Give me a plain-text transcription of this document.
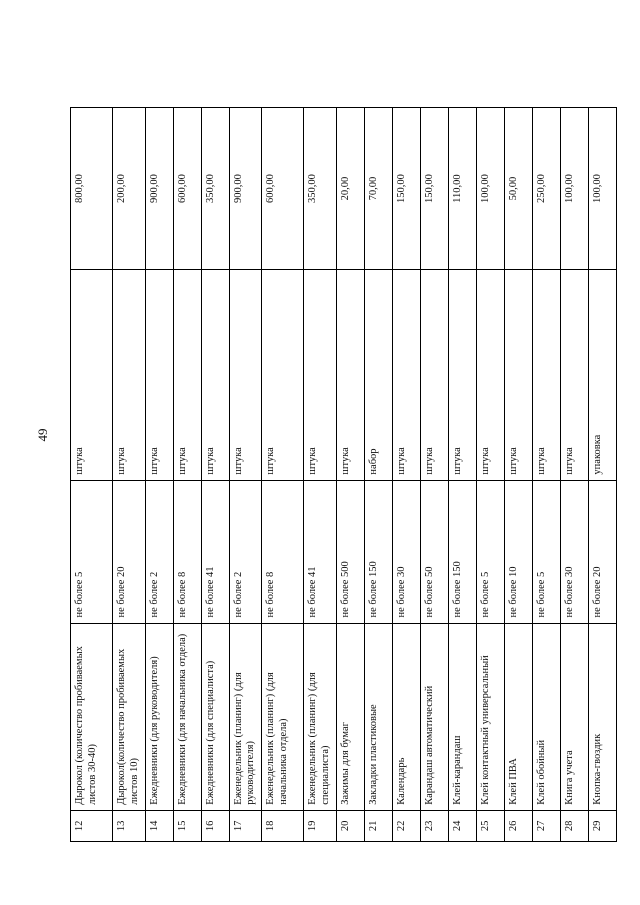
49
12	Дырокол (количество пробиваемых листов 30-40)	не более 5	штука	800,00
13	Дырокол(количество пробиваемых листов 10)	не более 20	штука	200,00
14	Ежедневники (для руководителя)	не более 2	штука	900,00
15	Ежедневники (для начальника отдела)	не более 8	штука	600,00
16	Ежедневники (для специалиста)	не более 41	штука	350,00
17	Еженедельник (планинг) (для руководителя)	не более 2	штука	900,00
18	Еженедельник (планинг) (для начальника отдела)	не более 8	штука	600,00
19	Еженедельник (планинг) (для специалиста)	не более 41	штука	350,00
20	Зажимы для бумаг	не более 500	штука	20,00
21	Закладки пластиковые	не более 150	набор	70,00
22	Календарь	не более 30	штука	150,00
23	Карандаш автоматический	не более 50	штука	150,00
24	Клей-карандаш	не более 150	штука	110,00
25	Клей контактный универсальный	не более 5	штука	100,00
26	Клей ПВА	не более 10	штука	50,00
27	Клей обойный	не более 5	штука	250,00
28	Книга учета	не более 30	штука	100,00
29	Кнопка-гвоздик	не более 20	упаковка	100,00
